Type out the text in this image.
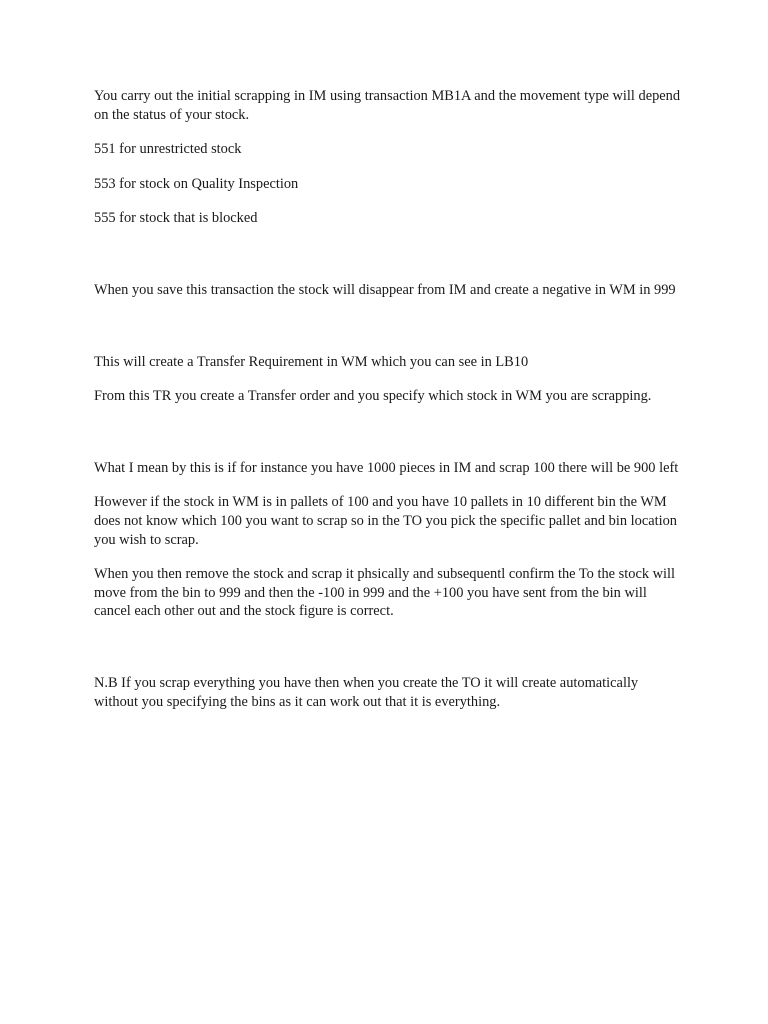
You carry out the initial scrapping in IM using transaction MB1A and the movement type will depend on the status of your stock.

551 for unrestricted stock

553 for stock on Quality Inspection

555 for stock that is blocked

When you save this transaction the stock will disappear from IM and create a negative in WM in 999

This will create a Transfer Requirement in WM which you can see in LB10

From this TR you create a Transfer order and you specify which stock in WM you are scrapping.

What I mean by this is if for instance you have 1000 pieces in IM and scrap 100 there will be 900 left

However if the stock in WM is in pallets of 100 and you have 10 pallets in 10 different bin the WM does not know which 100 you want to scrap so in the TO you pick the specific pallet and bin location you wish to scrap.

When you then remove the stock and scrap it phsically and subsequentl confirm the To the stock will move from the bin to 999 and then the -100 in 999 and the +100 you have sent from the bin will cancel each other out and the stock figure is correct.

N.B If you scrap everything you have then when you create the TO it will create automatically without you specifying the bins as it can work out that it is everything.
